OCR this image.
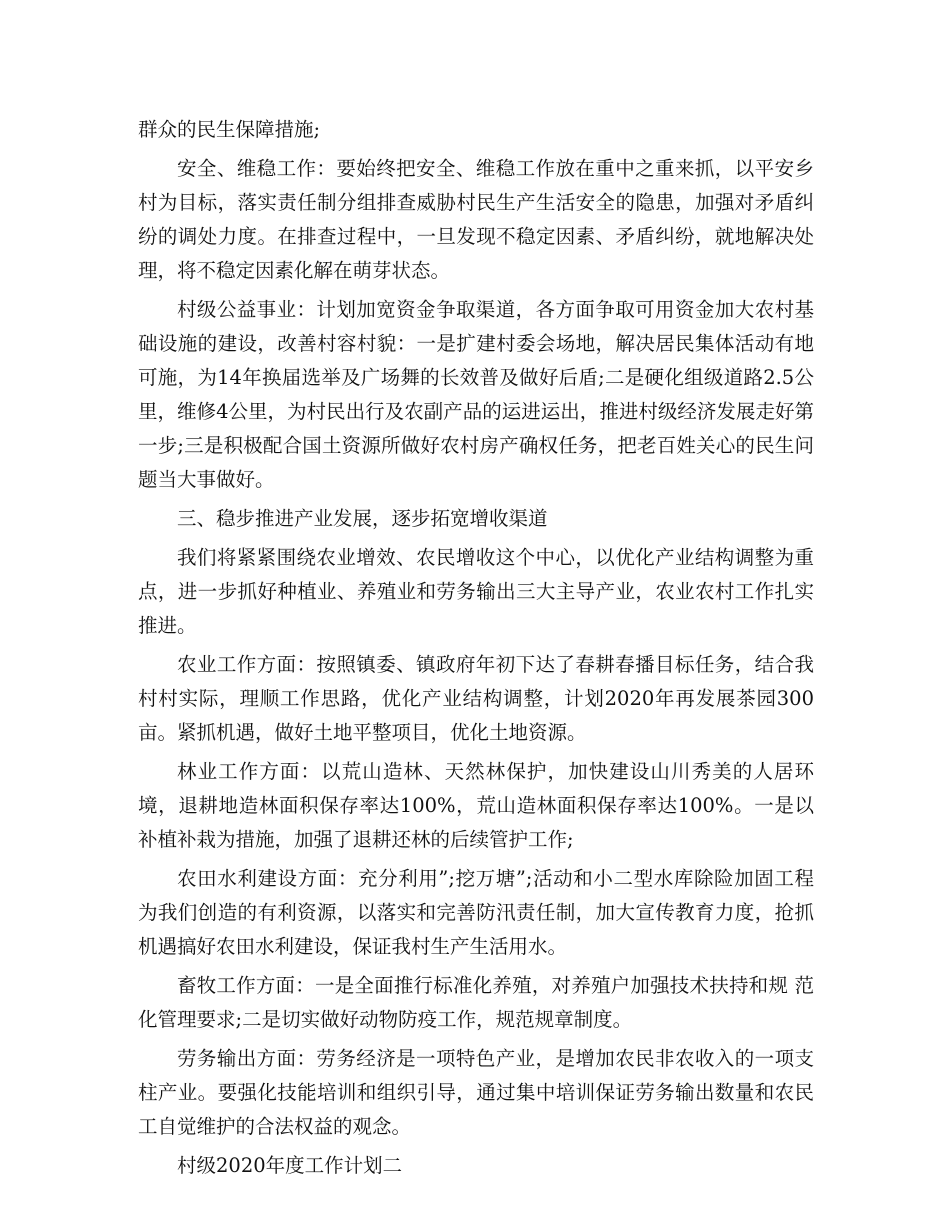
群众的民生保障措施;

安全、维稳工作：要始终把安全、维稳工作放在重中之重来抓，以平安乡村为目标，落实责任制分组排查威胁村民生产生活安全的隐患，加强对矛盾纠纷的调处力度。在排查过程中，一旦发现不稳定因素、矛盾纠纷，就地解决处理，将不稳定因素化解在萌芽状态。

村级公益事业：计划加宽资金争取渠道，各方面争取可用资金加大农村基础设施的建设，改善村容村貌：一是扩建村委会场地，解决居民集体活动有地可施，为14年换届选举及广场舞的长效普及做好后盾;二是硬化组级道路2.5公里，维修4公里，为村民出行及农副产品的运进运出，推进村级经济发展走好第一步;三是积极配合国土资源所做好农村房产确权任务，把老百姓关心的民生问题当大事做好。

三、稳步推进产业发展，逐步拓宽增收渠道

我们将紧紧围绕农业增效、农民增收这个中心，以优化产业结构调整为重点，进一步抓好种植业、养殖业和劳务输出三大主导产业，农业农村工作扎实推进。

农业工作方面：按照镇委、镇政府年初下达了春耕春播目标任务，结合我村村实际，理顺工作思路，优化产业结构调整，计划2020年再发展茶园300亩。紧抓机遇，做好土地平整项目，优化土地资源。

林业工作方面：以荒山造林、天然林保护，加快建设山川秀美的人居环境，退耕地造林面积保存率达100%，荒山造林面积保存率达100%。一是以补植补栽为措施，加强了退耕还林的后续管护工作;

农田水利建设方面：充分利用”;挖万塘”;活动和小二型水库除险加固工程为我们创造的有利资源，以落实和完善防汛责任制，加大宣传教育力度，抢抓机遇搞好农田水利建设，保证我村生产生活用水。

畜牧工作方面：一是全面推行标准化养殖，对养殖户加强技术扶持和规 范化管理要求;二是切实做好动物防疫工作，规范规章制度。

劳务输出方面：劳务经济是一项特色产业，是增加农民非农收入的一项支柱产业。要强化技能培训和组织引导，通过集中培训保证劳务输出数量和农民工自觉维护的合法权益的观念。

村级2020年度工作计划二
